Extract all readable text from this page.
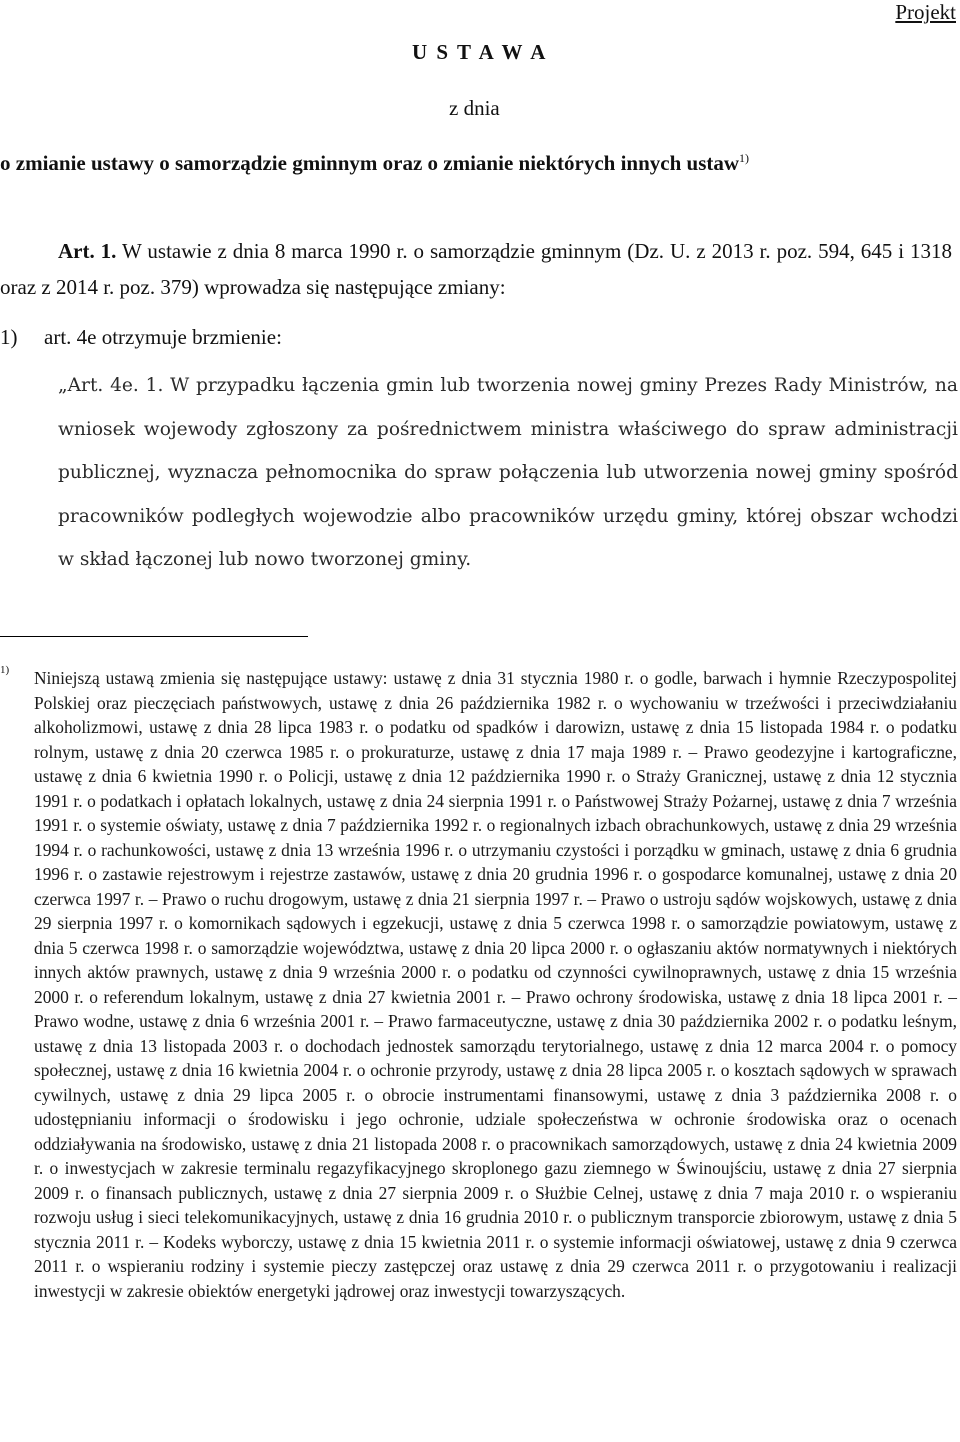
Projekt
U S T A W A
z dnia
o zmianie ustawy o samorządzie gminnym oraz o zmianie niektórych innych ustaw$^{1)}$
Art. 1. W ustawie z dnia 8 marca 1990 r. o samorządzie gminnym (Dz. U. z 2013 r. poz. 594, 645 i 1318 oraz z 2014 r. poz. 379) wprowadza się następujące zmiany:
1) art. 4e otrzymuje brzmienie:
„Art. 4e. 1. W przypadku łączenia gmin lub tworzenia nowej gminy Prezes Rady Ministrów, na wniosek wojewody zgłoszony za pośrednictwem ministra właściwego do spraw administracji publicznej, wyznacza pełnomocnika do spraw połączenia lub utworzenia nowej gminy spośród pracowników podległych wojewodzie albo pracowników urzędu gminy, której obszar wchodzi w skład łączonej lub nowo tworzonej gminy.
1) Niniejszą ustawą zmienia się następujące ustawy: ustawę z dnia 31 stycznia 1980 r. o godle, barwach i hymnie Rzeczypospolitej Polskiej oraz pieczęciach państwowych, ustawę z dnia 26 października 1982 r. o wychowaniu w trzeźwości i przeciwdziałaniu alkoholizmowi, ustawę z dnia 28 lipca 1983 r. o podatku od spadków i darowizn, ustawę z dnia 15 listopada 1984 r. o podatku rolnym, ustawę z dnia 20 czerwca 1985 r. o prokuraturze, ustawę z dnia 17 maja 1989 r. – Prawo geodezyjne i kartograficzne, ustawę z dnia 6 kwietnia 1990 r. o Policji, ustawę z dnia 12 października 1990 r. o Straży Granicznej, ustawę z dnia 12 stycznia 1991 r. o podatkach i opłatach lokalnych, ustawę z dnia 24 sierpnia 1991 r. o Państwowej Straży Pożarnej, ustawę z dnia 7 września 1991 r. o systemie oświaty, ustawę z dnia 7 października 1992 r. o regionalnych izbach obrachunkowych, ustawę z dnia 29 września 1994 r. o rachunkowości, ustawę z dnia 13 września 1996 r. o utrzymaniu czystości i porządku w gminach, ustawę z dnia 6 grudnia 1996 r. o zastawie rejestrowym i rejestrze zastawów, ustawę z dnia 20 grudnia 1996 r. o gospodarce komunalnej, ustawę z dnia 20 czerwca 1997 r. – Prawo o ruchu drogowym, ustawę z dnia 21 sierpnia 1997 r. – Prawo o ustroju sądów wojskowych, ustawę z dnia 29 sierpnia 1997 r. o komornikach sądowych i egzekucji, ustawę z dnia 5 czerwca 1998 r. o samorządzie powiatowym, ustawę z dnia 5 czerwca 1998 r. o samorządzie województwa, ustawę z dnia 20 lipca 2000 r. o ogłaszaniu aktów normatywnych i niektórych innych aktów prawnych, ustawę z dnia 9 września 2000 r. o podatku od czynności cywilnoprawnych, ustawę z dnia 15 września 2000 r. o referendum lokalnym, ustawę z dnia 27 kwietnia 2001 r. – Prawo ochrony środowiska, ustawę z dnia 18 lipca 2001 r. – Prawo wodne, ustawę z dnia 6 września 2001 r. – Prawo farmaceutyczne, ustawę z dnia 30 października 2002 r. o podatku leśnym, ustawę z dnia 13 listopada 2003 r. o dochodach jednostek samorządu terytorialnego, ustawę z dnia 12 marca 2004 r. o pomocy społecznej, ustawę z dnia 16 kwietnia 2004 r. o ochronie przyrody, ustawę z dnia 28 lipca 2005 r. o kosztach sądowych w sprawach cywilnych, ustawę z dnia 29 lipca 2005 r. o obrocie instrumentami finansowymi, ustawę z dnia 3 października 2008 r. o udostępnianiu informacji o środowisku i jego ochronie, udziale społeczeństwa w ochronie środowiska oraz o ocenach oddziaływania na środowisko, ustawę z dnia 21 listopada 2008 r. o pracownikach samorządowych, ustawę z dnia 24 kwietnia 2009 r. o inwestycjach w zakresie terminalu regazyfikacyjnego skroplonego gazu ziemnego w Świnoujściu, ustawę z dnia 27 sierpnia 2009 r. o finansach publicznych, ustawę z dnia 27 sierpnia 2009 r. o Służbie Celnej, ustawę z dnia 7 maja 2010 r. o wspieraniu rozwoju usług i sieci telekomunikacyjnych, ustawę z dnia 16 grudnia 2010 r. o publicznym transporcie zbiorowym, ustawę z dnia 5 stycznia 2011 r. – Kodeks wyborczy, ustawę z dnia 15 kwietnia 2011 r. o systemie informacji oświatowej, ustawę z dnia 9 czerwca 2011 r. o wspieraniu rodziny i systemie pieczy zastępczej oraz ustawę z dnia 29 czerwca 2011 r. o przygotowaniu i realizacji inwestycji w zakresie obiektów energetyki jądrowej oraz inwestycji towarzyszących.
